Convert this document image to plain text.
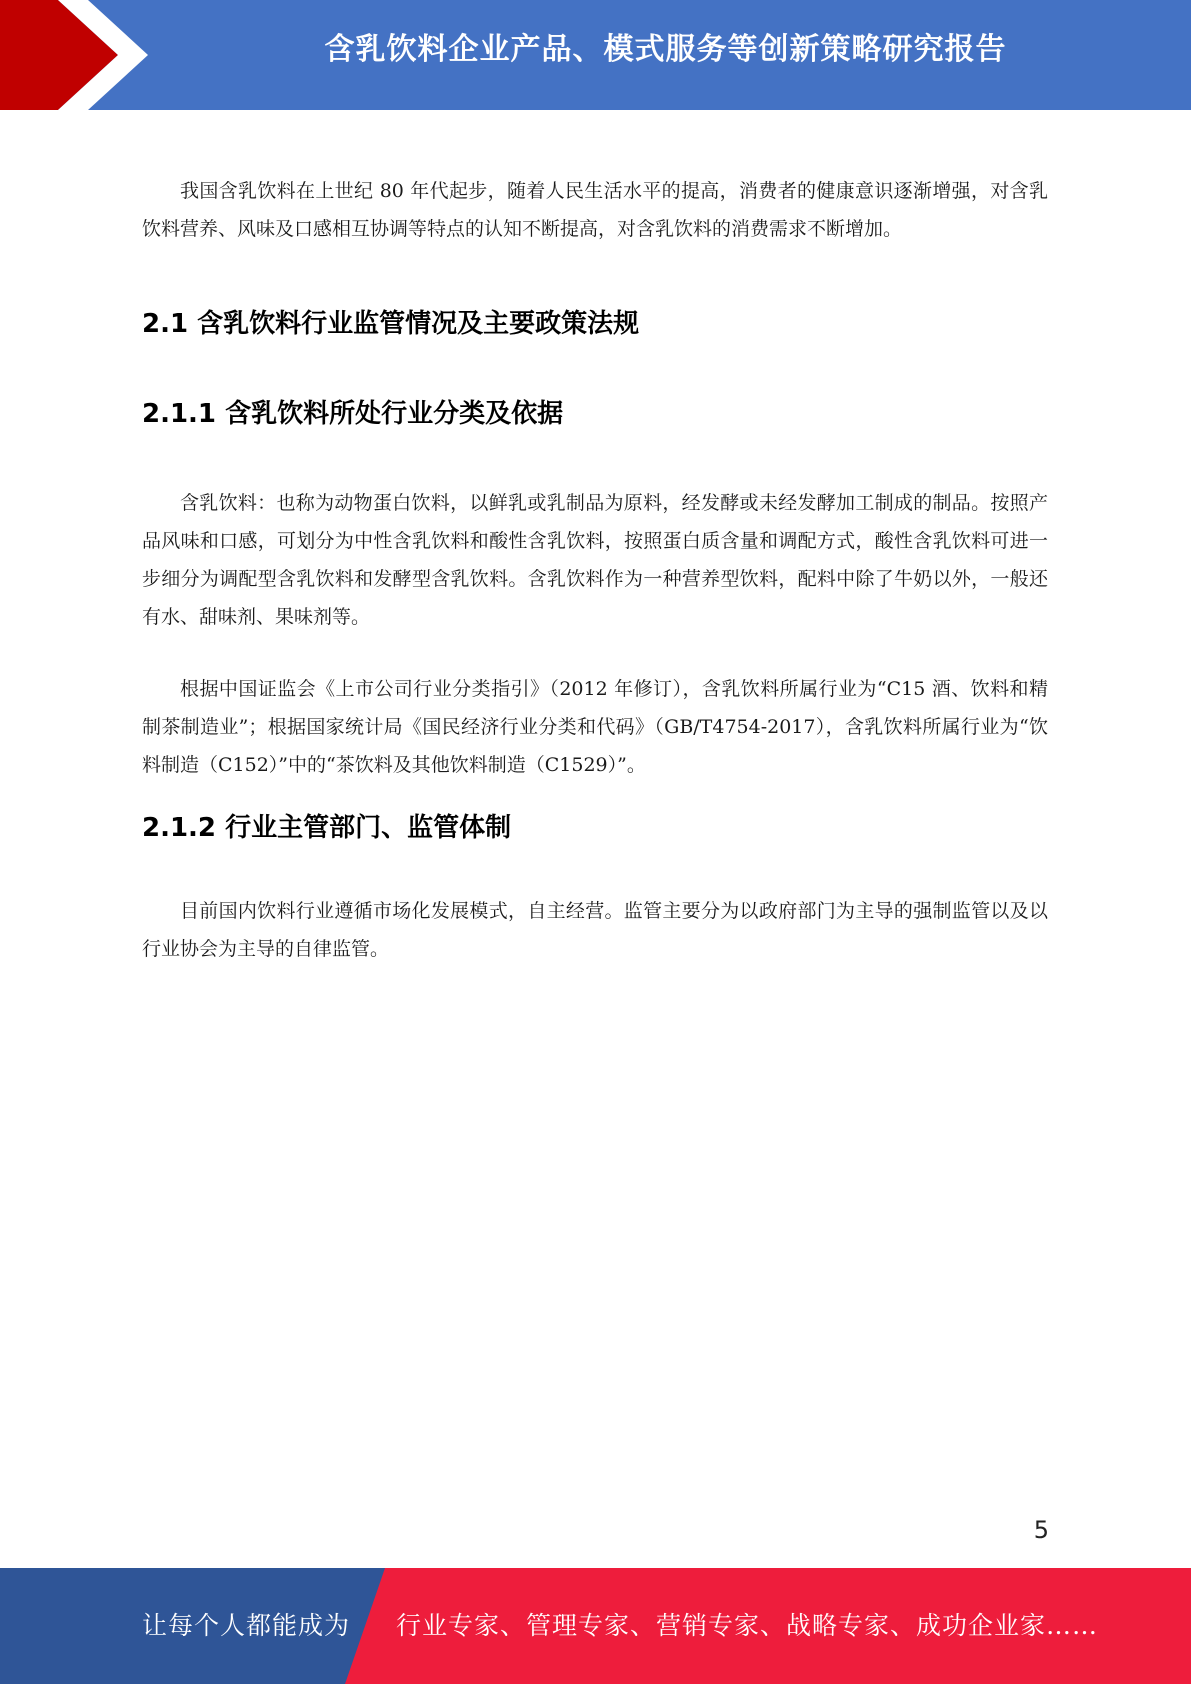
含乳饮料企业产品、模式服务等创新策略研究报告

我国含乳饮料在上世纪 80 年代起步，随着人民生活水平的提高，消费者的健康意识逐渐增强，对含乳饮料营养、风味及口感相互协调等特点的认知不断提高，对含乳饮料的消费需求不断增加。

2.1 含乳饮料行业监管情况及主要政策法规
2.1.1 含乳饮料所处行业分类及依据

含乳饮料：也称为动物蛋白饮料，以鲜乳或乳制品为原料，经发酵或未经发酵加工制成的制品。按照产品风味和口感，可划分为中性含乳饮料和酸性含乳饮料，按照蛋白质含量和调配方式，酸性含乳饮料可进一步细分为调配型含乳饮料和发酵型含乳饮料。含乳饮料作为一种营养型饮料，配料中除了牛奶以外，一般还有水、甜味剂、果味剂等。

根据中国证监会《上市公司行业分类指引》（2012 年修订），含乳饮料所属行业为“C15 酒、饮料和精制茶制造业”；根据国家统计局《国民经济行业分类和代码》（GB/T4754-2017），含乳饮料所属行业为“饮料制造（C152）”中的“茶饮料及其他饮料制造（C1529）”。

2.1.2 行业主管部门、监管体制

目前国内饮料行业遵循市场化发展模式，自主经营。监管主要分为以政府部门为主导的强制监管以及以行业协会为主导的自律监管。

5
让每个人都能成为 行业专家、管理专家、营销专家、战略专家、成功企业家……
